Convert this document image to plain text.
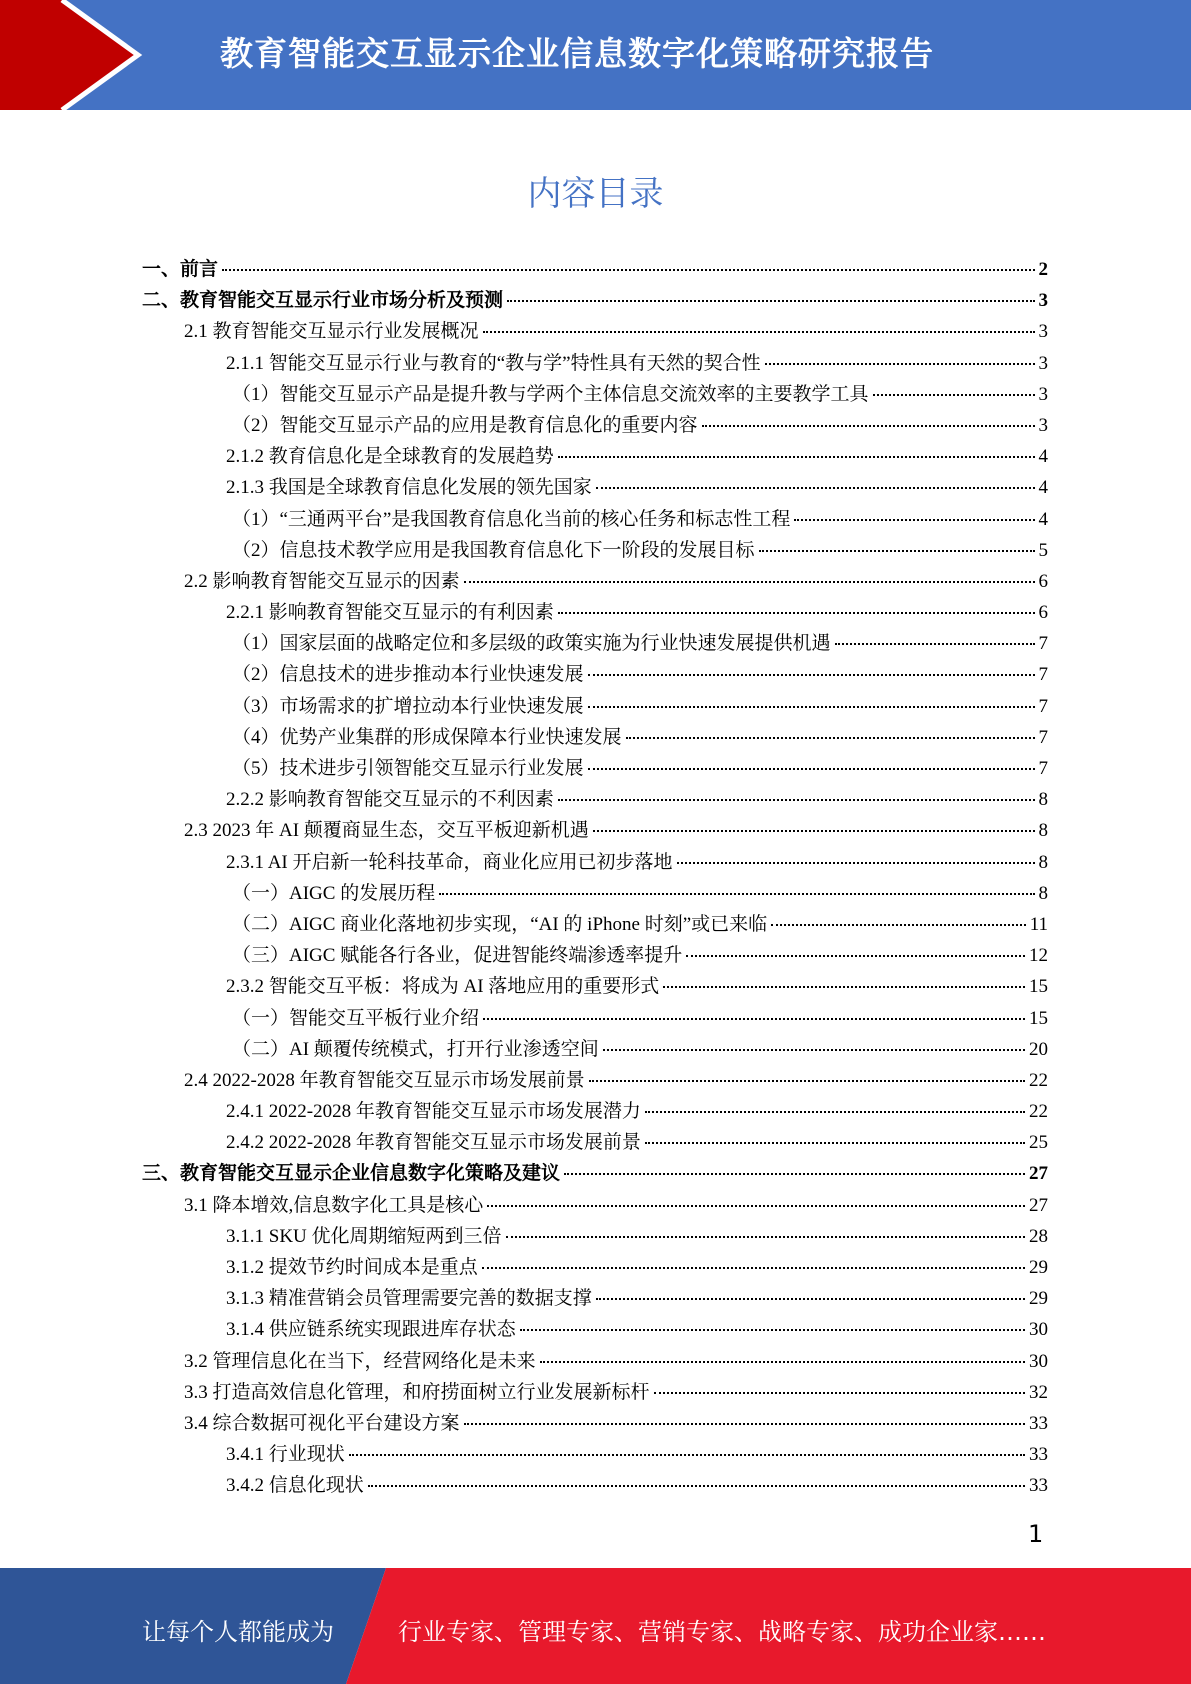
教育智能交互显示企业信息数字化策略研究报告
内容目录
一、前言	2
二、教育智能交互显示行业市场分析及预测	3
2.1 教育智能交互显示行业发展概况	3
2.1.1 智能交互显示行业与教育的“教与学”特性具有天然的契合性	3
（1）智能交互显示产品是提升教与学两个主体信息交流效率的主要教学工具	3
（2）智能交互显示产品的应用是教育信息化的重要内容	3
2.1.2 教育信息化是全球教育的发展趋势	4
2.1.3 我国是全球教育信息化发展的领先国家	4
（1）“三通两平台”是我国教育信息化当前的核心任务和标志性工程	4
（2）信息技术教学应用是我国教育信息化下一阶段的发展目标	5
2.2 影响教育智能交互显示的因素	6
2.2.1 影响教育智能交互显示的有利因素	6
（1）国家层面的战略定位和多层级的政策实施为行业快速发展提供机遇	7
（2）信息技术的进步推动本行业快速发展	7
（3）市场需求的扩增拉动本行业快速发展	7
（4）优势产业集群的形成保障本行业快速发展	7
（5）技术进步引领智能交互显示行业发展	7
2.2.2 影响教育智能交互显示的不利因素	8
2.3 2023 年 AI 颠覆商显生态，交互平板迎新机遇	8
2.3.1 AI 开启新一轮科技革命，商业化应用已初步落地	8
（一）AIGC 的发展历程	8
（二）AIGC 商业化落地初步实现，“AI 的 iPhone 时刻”或已来临	11
（三）AIGC 赋能各行各业，促进智能终端渗透率提升	12
2.3.2 智能交互平板：将成为 AI 落地应用的重要形式	15
（一）智能交互平板行业介绍	15
（二）AI 颠覆传统模式，打开行业渗透空间	20
2.4 2022-2028 年教育智能交互显示市场发展前景	22
2.4.1 2022-2028 年教育智能交互显示市场发展潜力	22
2.4.2 2022-2028 年教育智能交互显示市场发展前景	25
三、教育智能交互显示企业信息数字化策略及建议	27
3.1 降本增效,信息数字化工具是核心	27
3.1.1 SKU 优化周期缩短两到三倍	28
3.1.2 提效节约时间成本是重点	29
3.1.3 精准营销会员管理需要完善的数据支撑	29
3.1.4 供应链系统实现跟进库存状态	30
3.2 管理信息化在当下，经营网络化是未来	30
3.3 打造高效信息化管理，和府捞面树立行业发展新标杆	32
3.4 综合数据可视化平台建设方案	33
3.4.1 行业现状	33
3.4.2 信息化现状	33
1
让每个人都能成为	行业专家、管理专家、营销专家、战略专家、成功企业家……
